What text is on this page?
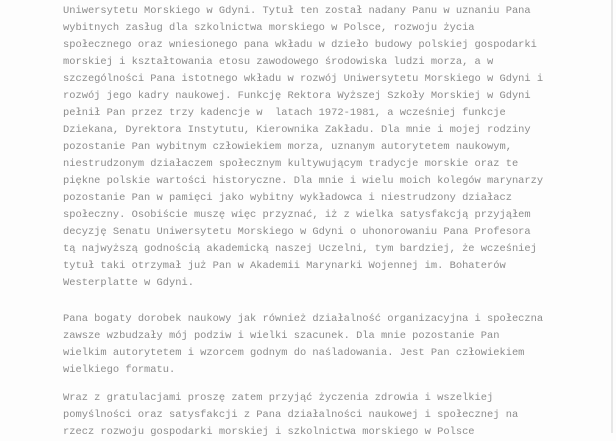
Uniwersytetu Morskiego w Gdyni. Tytuł ten został nadany Panu w uznaniu Pana
wybitnych zasług dla szkolnictwa morskiego w Polsce, rozwoju życia
społecznego oraz wniesionego pana wkładu w dzieło budowy polskiej gospodarki
morskiej i kształtowania etosu zawodowego środowiska ludzi morza, a w
szczególności Pana istotnego wkładu w rozwój Uniwersytetu Morskiego w Gdyni i
rozwój jego kadry naukowej. Funkcję Rektora Wyższej Szkoły Morskiej w Gdyni
pełnił Pan przez trzy kadencje w  latach 1972-1981, a wcześniej funkcje
Dziekana, Dyrektora Instytutu, Kierownika Zakładu. Dla mnie i mojej rodziny
pozostanie Pan wybitnym człowiekiem morza, uznanym autorytetem naukowym,
niestrudzonym działaczem społecznym kultywującym tradycje morskie oraz te
piękne polskie wartości historyczne. Dla mnie i wielu moich kolegów marynarzy
pozostanie Pan w pamięci jako wybitny wykładowca i niestrudzony działacz
społeczny. Osobiście muszę więc przyznać, iż z wielka satysfakcją przyjąłem
decyzję Senatu Uniwersytetu Morskiego w Gdyni o uhonorowaniu Pana Profesora
tą najwyższą godnością akademicką naszej Uczelni, tym bardziej, że wcześniej
tytuł taki otrzymał już Pan w Akademii Marynarki Wojennej im. Bohaterów
Westerplatte w Gdyni.
Pana bogaty dorobek naukowy jak również działalność organizacyjna i społeczna
zawsze wzbudzały mój podziw i wielki szacunek. Dla mnie pozostanie Pan
wielkim autorytetem i wzorcem godnym do naśladowania. Jest Pan człowiekiem
wielkiego formatu.
Wraz z gratulacjami proszę zatem przyjąć życzenia zdrowia i wszelkiej
pomyślności oraz satysfakcji z Pana działalności naukowej i społecznej na
rzecz rozwoju gospodarki morskiej i szkolnictwa morskiego w Polsce
